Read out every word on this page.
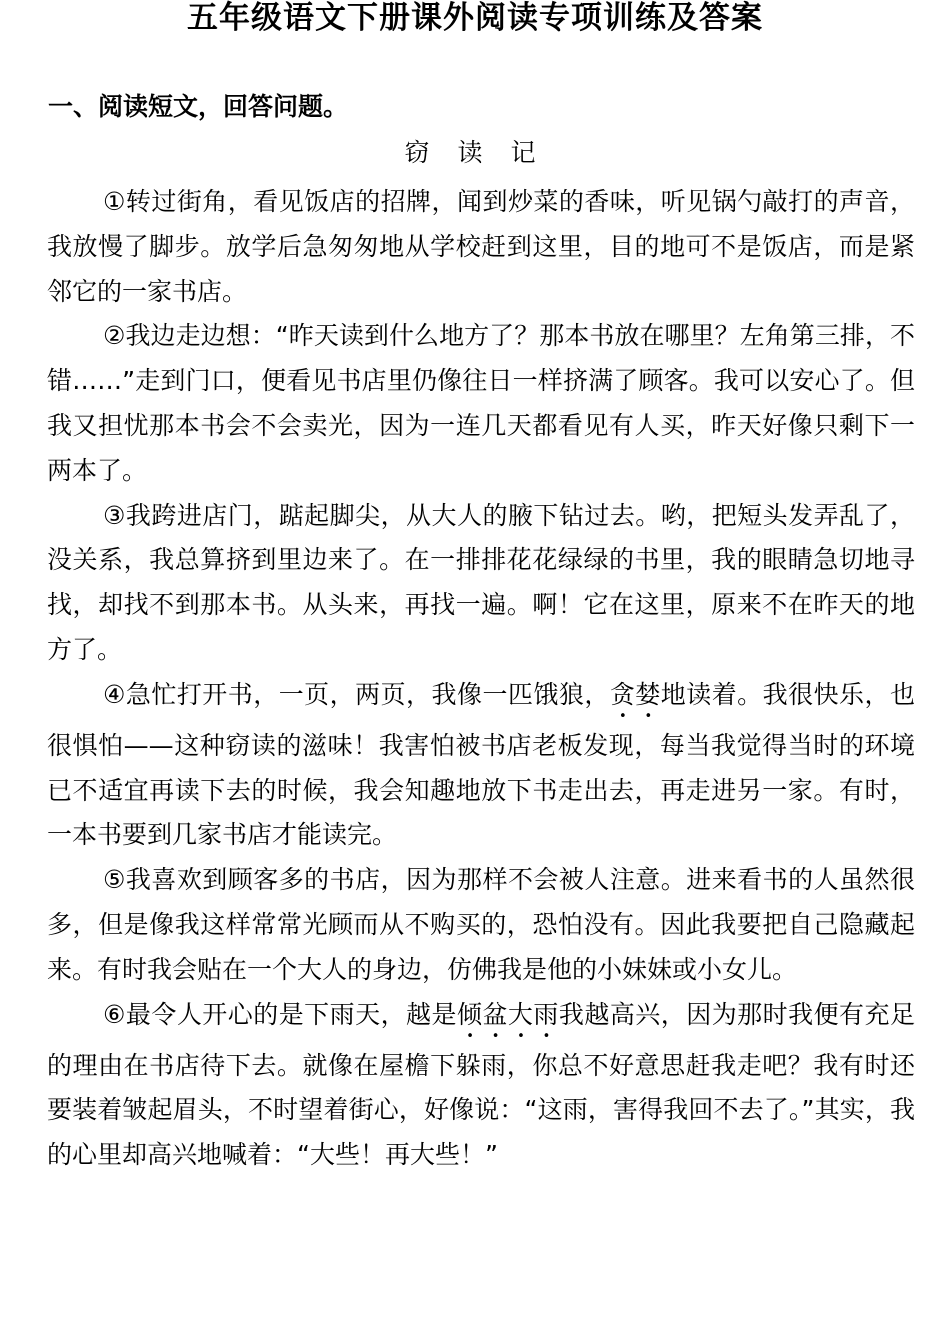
五年级语文下册课外阅读专项训练及答案
一、阅读短文，回答问题。
窃 读 记

①转过街角，看见饭店的招牌，闻到炒菜的香味，听见锅勺敲打的声音，我放慢了脚步。放学后急匆匆地从学校赶到这里，目的地可不是饭店，而是紧邻它的一家书店。

②我边走边想：“昨天读到什么地方了？那本书放在哪里？左角第三排，不错……”走到门口，便看见书店里仍像往日一样挤满了顾客。我可以安心了。但我又担忧那本书会不会卖光，因为一连几天都看见有人买，昨天好像只剩下一两本了。

③我跨进店门，踮起脚尖，从大人的腋下钻过去。哟，把短头发弄乱了，没关系，我总算挤到里边来了。在一排排花花绿绿的书里，我的眼睛急切地寻找，却找不到那本书。从头来，再找一遍。啊！它在这里，原来不在昨天的地方了。

④急忙打开书，一页，两页，我像一匹饿狼，贪婪地读着。我很快乐，也很惧怕——这种窃读的滋味！我害怕被书店老板发现，每当我觉得当时的环境已不适宜再读下去的时候，我会知趣地放下书走出去，再走进另一家。有时，一本书要到几家书店才能读完。

⑤我喜欢到顾客多的书店，因为那样不会被人注意。进来看书的人虽然很多，但是像我这样常常光顾而从不购买的，恐怕没有。因此我要把自己隐藏起来。有时我会贴在一个大人的身边，仿佛我是他的小妹妹或小女儿。

⑥最令人开心的是下雨天，越是倾盆大雨我越高兴，因为那时我便有充足的理由在书店待下去。就像在屋檐下躲雨，你总不好意思赶我走吧？我有时还要装着皱起眉头，不时望着街心，好像说：“这雨，害得我回不去了。”其实，我的心里却高兴地喊着：“大些！再大些！”
